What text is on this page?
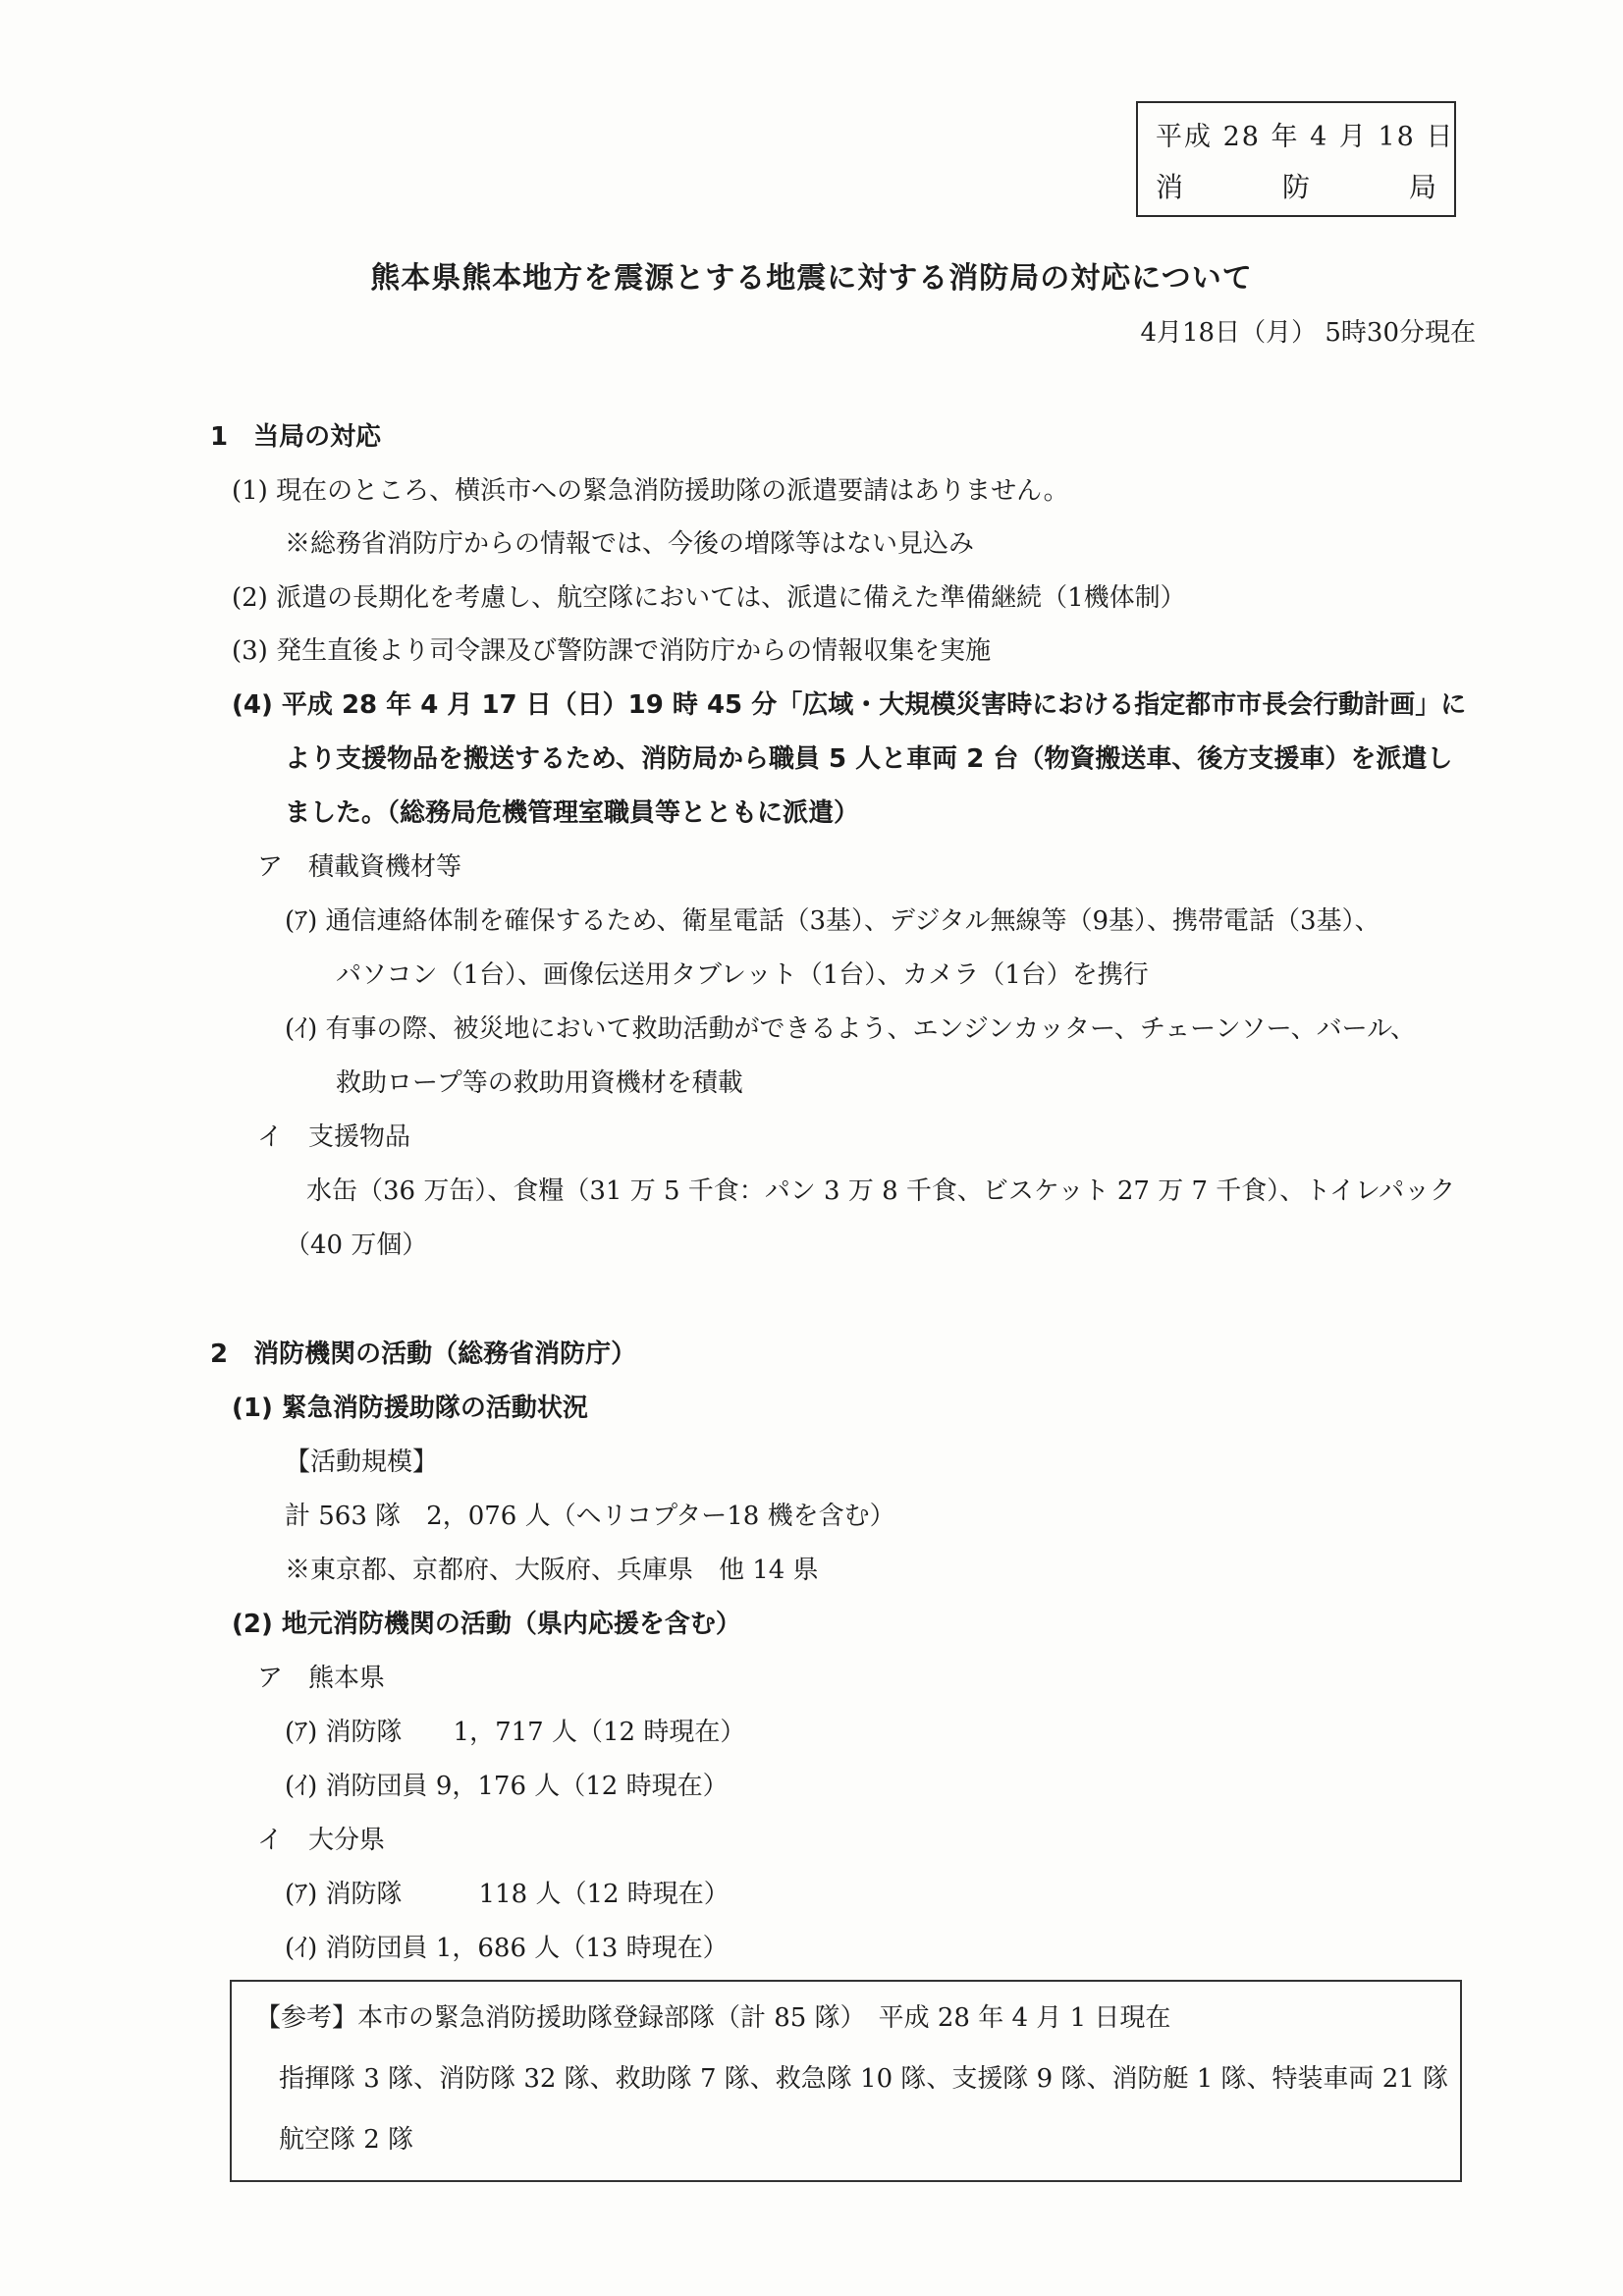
平成 28 年 4 月 18 日
消	防	局
熊本県熊本地方を震源とする地震に対する消防局の対応について
4月18日（月） 5時30分現在
1　当局の対応
(1) 現在のところ、横浜市への緊急消防援助隊の派遣要請はありません。
※総務省消防庁からの情報では、今後の増隊等はない見込み
(2) 派遣の長期化を考慮し、航空隊においては、派遣に備えた準備継続（1機体制）
(3) 発生直後より司令課及び警防課で消防庁からの情報収集を実施
(4) 平成 28 年 4 月 17 日（日）19 時 45 分「広域・大規模災害時における指定都市市長会行動計画」に
より支援物品を搬送するため、消防局から職員 5 人と車両 2 台（物資搬送車、後方支援車）を派遣し
ました。（総務局危機管理室職員等とともに派遣）
ア　積載資機材等
(ｱ) 通信連絡体制を確保するため、衛星電話（3基）、デジタル無線等（9基）、携帯電話（3基）、
パソコン（1台）、画像伝送用タブレット（1台）、カメラ（1台）を携行
(ｲ) 有事の際、被災地において救助活動ができるよう、エンジンカッター、チェーンソー、バール、
救助ロープ等の救助用資機材を積載
イ　支援物品
水缶（36 万缶）、食糧（31 万 5 千食：パン 3 万 8 千食、ビスケット 27 万 7 千食）、トイレパック
（40 万個）
2　消防機関の活動（総務省消防庁）
(1) 緊急消防援助隊の活動状況
【活動規模】
計 563 隊　2，076 人（ヘリコプター18 機を含む）
※東京都、京都府、大阪府、兵庫県　他 14 県
(2) 地元消防機関の活動（県内応援を含む）
ア　熊本県
(ｱ) 消防隊　　1，717 人（12 時現在）
(ｲ) 消防団員 9，176 人（12 時現在）
イ　大分県
(ｱ) 消防隊　　　118 人（12 時現在）
(ｲ) 消防団員 1，686 人（13 時現在）
【参考】本市の緊急消防援助隊登録部隊（計 85 隊）　平成 28 年 4 月 1 日現在
指揮隊 3 隊、消防隊 32 隊、救助隊 7 隊、救急隊 10 隊、支援隊 9 隊、消防艇 1 隊、特装車両 21 隊
航空隊 2 隊
